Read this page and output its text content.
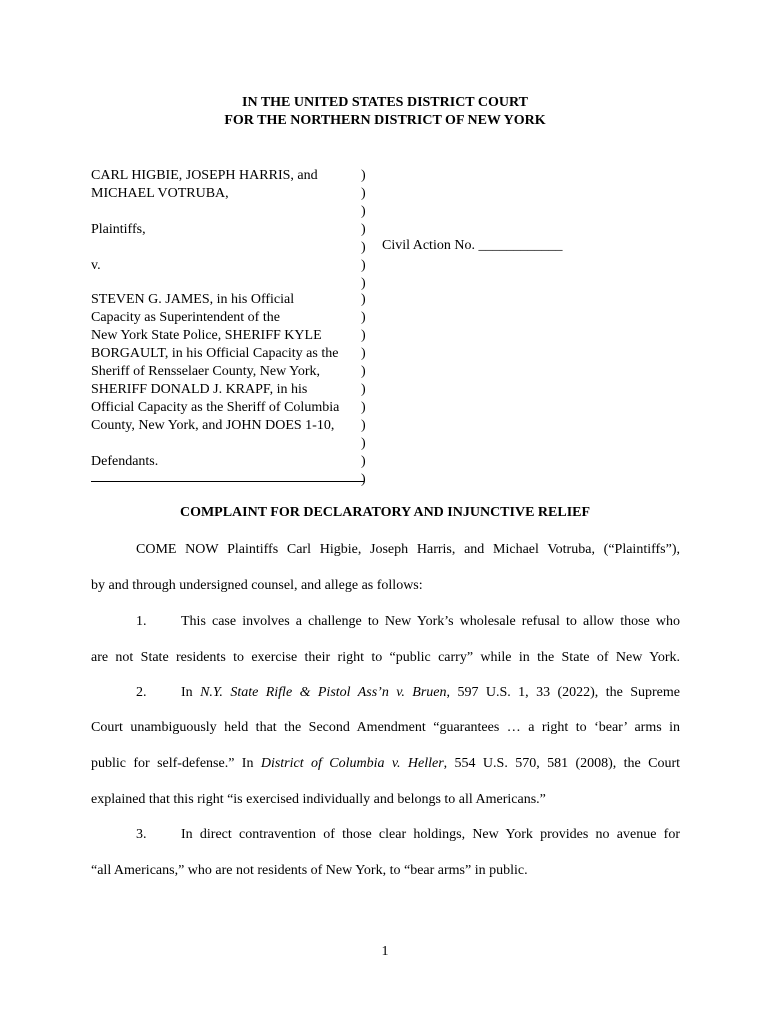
IN THE UNITED STATES DISTRICT COURT
FOR THE NORTHERN DISTRICT OF NEW YORK
CARL HIGBIE, JOSEPH HARRIS, and
MICHAEL VOTRUBA,
Plaintiffs,
v.
STEVEN G. JAMES, in his Official
Capacity as Superintendent of the
New York State Police, SHERIFF KYLE
BORGAULT, in his Official Capacity as the
Sheriff of Rensselaer County, New York,
SHERIFF DONALD J. KRAPF, in his
Official Capacity as the Sheriff of Columbia
County, New York, and JOHN DOES 1-10,
Defendants.
)
)
)
)
)
)
)
)
)
)
)
)
)
)
)
)
)
)
Civil Action No. ____________
COMPLAINT FOR DECLARATORY AND INJUNCTIVE RELIEF
COME NOW Plaintiffs Carl Higbie, Joseph Harris, and Michael Votruba, (“Plaintiffs”),
by and through undersigned counsel, and allege as follows:
1. This case involves a challenge to New York’s wholesale refusal to allow those who
are not State residents to exercise their right to “public carry” while in the State of New York.
2. In N.Y. State Rifle & Pistol Ass’n v. Bruen, 597 U.S. 1, 33 (2022), the Supreme
Court unambiguously held that the Second Amendment “guarantees … a right to ‘bear’ arms in
public for self-defense.” In District of Columbia v. Heller, 554 U.S. 570, 581 (2008), the Court
explained that this right “is exercised individually and belongs to all Americans.”
3. In direct contravention of those clear holdings, New York provides no avenue for
“all Americans,” who are not residents of New York, to “bear arms” in public.
1
